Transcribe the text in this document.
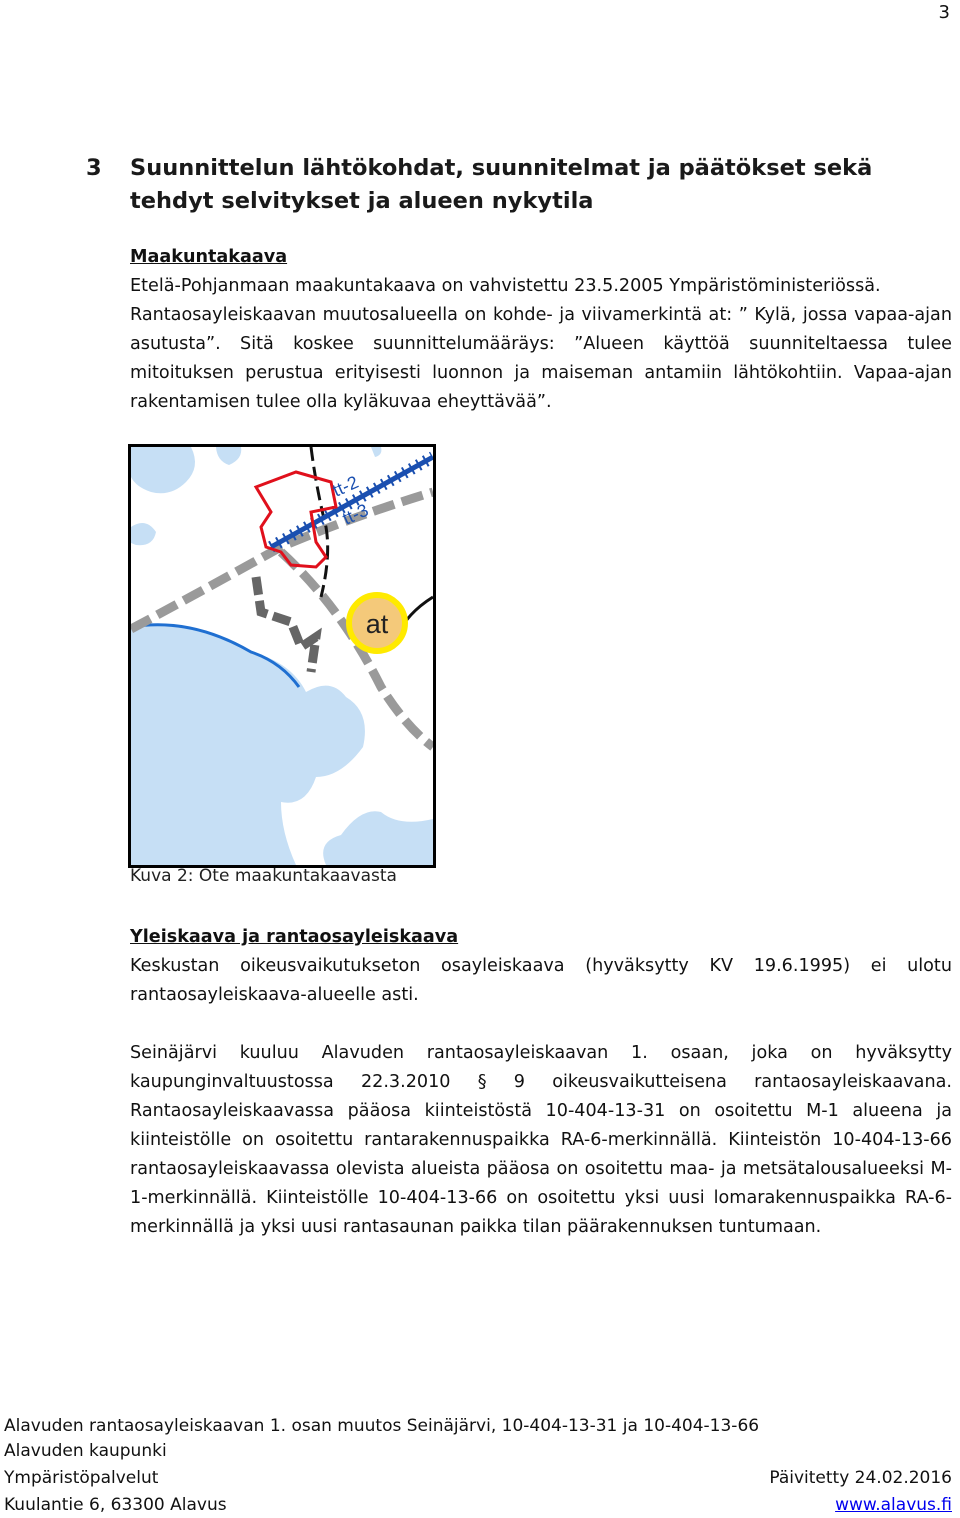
3
3 Suunnittelun lähtökohdat, suunnitelmat ja päätökset sekä tehdyt selvitykset ja alueen nykytila
Maakuntakaava
Etelä-Pohjanmaan maakuntakaava on vahvistettu 23.5.2005 Ympäristöministeriössä.
Rantaosayleiskaavan muutosalueella on kohde- ja viivamerkintä at: ” Kylä, jossa vapaa-ajan asutusta”. Sitä koskee suunnittelumääräys: ”Alueen käyttöä suunniteltaessa tulee mitoituksen perustua erityisesti luonnon ja maiseman antamiin lähtökohtiin. Vapaa-ajan rakentamisen tulee olla kyläkuvaa eheyttävää”.
at
tt-2
tt-3
Kuva 2: Ote maakuntakaavasta
Yleiskaava ja rantaosayleiskaava
Keskustan oikeusvaikutukseton osayleiskaava (hyväksytty KV 19.6.1995) ei ulotu rantaosayleiskaava-alueelle asti.
Seinäjärvi kuuluu Alavuden rantaosayleiskaavan 1. osaan, joka on hyväksytty kaupunginvaltuustossa 22.3.2010 § 9 oikeusvaikutteisena rantaosayleiskaavana. Rantaosayleiskaavassa pääosa kiinteistöstä 10-404-13-31 on osoitettu M-1 alueena ja kiinteistölle on osoitettu rantarakennuspaikka RA-6-merkinnällä. Kiinteistön 10-404-13-66 rantaosayleiskaavassa olevista alueista pääosa on osoitettu maa- ja metsätalousalueeksi M-1-merkinnällä. Kiinteistölle 10-404-13-66 on osoitettu yksi uusi lomarakennuspaikka RA-6-merkinnällä ja yksi uusi rantasaunan paikka tilan päärakennuksen tuntumaan.
Alavuden rantaosayleiskaavan 1. osan muutos Seinäjärvi, 10-404-13-31 ja 10-404-13-66
Alavuden kaupunki
Ympäristöpalvelut
Kuulantie 6, 63300 Alavus
Päivitetty 24.02.2016
www.alavus.fi
